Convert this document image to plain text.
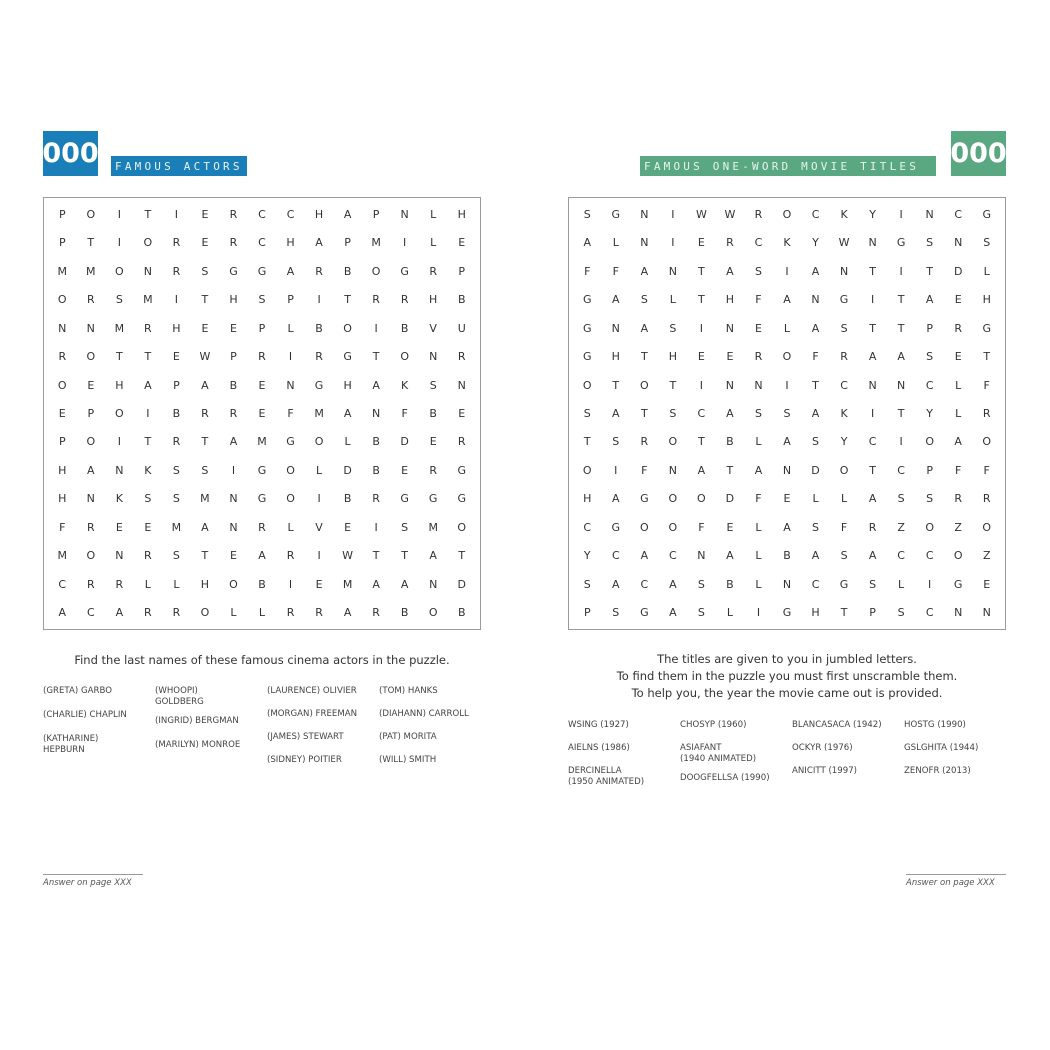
000	FAMOUS ACTORS
P	O	I	T	I	E	R	C	C	H	A	P	N	L	H
P	T	I	O	R	E	R	C	H	A	P	M	I	L	E
M	M	O	N	R	S	G	G	A	R	B	O	G	R	P
O	R	S	M	I	T	H	S	P	I	T	R	R	H	B
N	N	M	R	H	E	E	P	L	B	O	I	B	V	U
R	O	T	T	E	W	P	R	I	R	G	T	O	N	R
O	E	H	A	P	A	B	E	N	G	H	A	K	S	N
E	P	O	I	B	R	R	E	F	M	A	N	F	B	E
P	O	I	T	R	T	A	M	G	O	L	B	D	E	R
H	A	N	K	S	S	I	G	O	L	D	B	E	R	G
H	N	K	S	S	M	N	G	O	I	B	R	G	G	G
F	R	E	E	M	A	N	R	L	V	E	I	S	M	O
M	O	N	R	S	T	E	A	R	I	W	T	T	A	T
C	R	R	L	L	H	O	B	I	E	M	A	A	N	D
A	C	A	R	R	O	L	L	R	R	A	R	B	O	B
Find the last names of these famous cinema actors in the puzzle.
(GRETA) GARBO
(CHARLIE) CHAPLIN
(KATHARINE)
HEPBURN
(WHOOPI)
GOLDBERG
(INGRID) BERGMAN
(MARILYN) MONROE
(LAURENCE) OLIVIER
(MORGAN) FREEMAN
(JAMES) STEWART
(SIDNEY) POITIER
(TOM) HANKS
(DIAHANN) CARROLL
(PAT) MORITA
(WILL) SMITH
Answer on page XXX
FAMOUS ONE-WORD MOVIE TITLES	000
S	G	N	I	W	W	R	O	C	K	Y	I	N	C	G
A	L	N	I	E	R	C	K	Y	W	N	G	S	N	S
F	F	A	N	T	A	S	I	A	N	T	I	T	D	L
G	A	S	L	T	H	F	A	N	G	I	T	A	E	H
G	N	A	S	I	N	E	L	A	S	T	T	P	R	G
G	H	T	H	E	E	R	O	F	R	A	A	S	E	T
O	T	O	T	I	N	N	I	T	C	N	N	C	L	F
S	A	T	S	C	A	S	S	A	K	I	T	Y	L	R
T	S	R	O	T	B	L	A	S	Y	C	I	O	A	O
O	I	F	N	A	T	A	N	D	O	T	C	P	F	F
H	A	G	O	O	D	F	E	L	L	A	S	S	R	R
C	G	O	O	F	E	L	A	S	F	R	Z	O	Z	O
Y	C	A	C	N	A	L	B	A	S	A	C	C	O	Z
S	A	C	A	S	B	L	N	C	G	S	L	I	G	E
P	S	G	A	S	L	I	G	H	T	P	S	C	N	N
The titles are given to you in jumbled letters.
To find them in the puzzle you must first unscramble them.
To help you, the year the movie came out is provided.
WSING (1927)
AIELNS (1986)
DERCINELLA
(1950 ANIMATED)
CHOSYP (1960)
ASIAFANT
(1940 ANIMATED)
DOOGFELLSA (1990)
BLANCASACA (1942)
OCKYR (1976)
ANICITT (1997)
HOSTG (1990)
GSLGHITA (1944)
ZENOFR (2013)
Answer on page XXX
